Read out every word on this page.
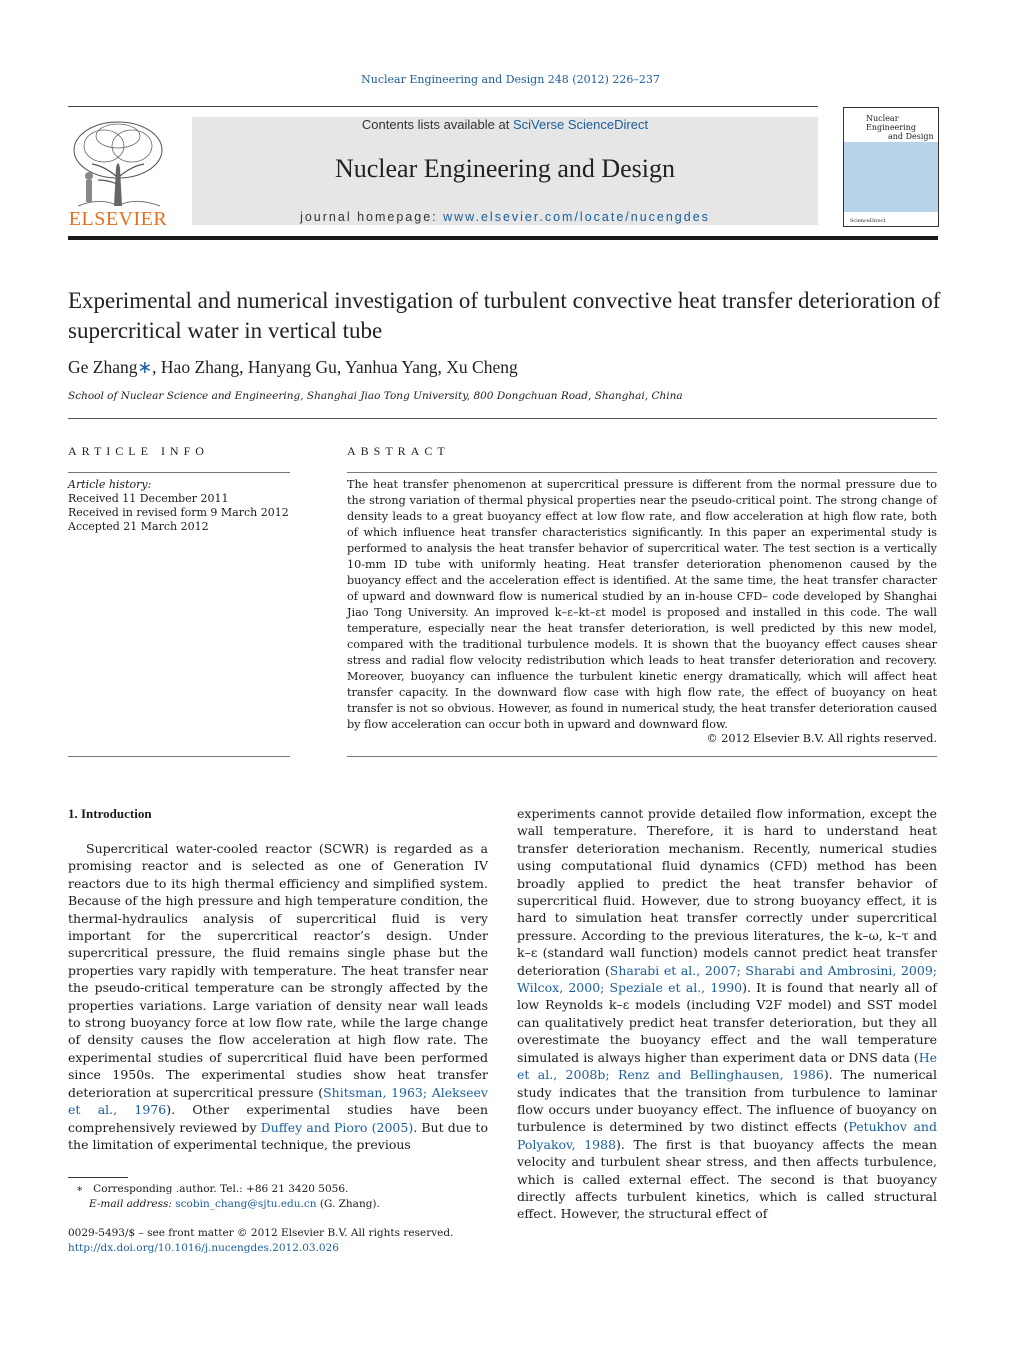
Nuclear Engineering and Design 248 (2012) 226–237
ELSEVIER
Contents lists available at SciVerse ScienceDirect
Nuclear Engineering and Design
journal homepage: www.elsevier.com/locate/nucengdes
Nuclear Engineering
and Design
ScienceDirect
Experimental and numerical investigation of turbulent convective heat transfer deterioration of supercritical water in vertical tube
Ge Zhang∗, Hao Zhang, Hanyang Gu, Yanhua Yang, Xu Cheng
School of Nuclear Science and Engineering, Shanghai Jiao Tong University, 800 Dongchuan Road, Shanghai, China
ARTICLE INFO
Article history:
Received 11 December 2011
Received in revised form 9 March 2012
Accepted 21 March 2012
ABSTRACT
The heat transfer phenomenon at supercritical pressure is different from the normal pressure due to the strong variation of thermal physical properties near the pseudo-critical point. The strong change of density leads to a great buoyancy effect at low flow rate, and flow acceleration at high flow rate, both of which influence heat transfer characteristics significantly. In this paper an experimental study is performed to analysis the heat transfer behavior of supercritical water. The test section is a vertically 10-mm ID tube with uniformly heating. Heat transfer deterioration phenomenon caused by the buoyancy effect and the acceleration effect is identified. At the same time, the heat transfer character of upward and downward flow is numerical studied by an in-house CFD– code developed by Shanghai Jiao Tong University. An improved k–ε–kt–εt model is proposed and installed in this code. The wall temperature, especially near the heat transfer deterioration, is well predicted by this new model, compared with the traditional turbulence models. It is shown that the buoyancy effect causes shear stress and radial flow velocity redistribution which leads to heat transfer deterioration and recovery. Moreover, buoyancy can influence the turbulent kinetic energy dramatically, which will affect heat transfer capacity. In the downward flow case with high flow rate, the effect of buoyancy on heat transfer is not so obvious. However, as found in numerical study, the heat transfer deterioration caused by flow acceleration can occur both in upward and downward flow.
© 2012 Elsevier B.V. All rights reserved.
1. Introduction

Supercritical water-cooled reactor (SCWR) is regarded as a promising reactor and is selected as one of Generation IV reactors due to its high thermal efficiency and simplified system. Because of the high pressure and high temperature condition, the thermal-hydraulics analysis of supercritical fluid is very important for the supercritical reactor’s design. Under supercritical pressure, the fluid remains single phase but the properties vary rapidly with temperature. The heat transfer near the pseudo-critical temperature can be strongly affected by the properties variations. Large variation of density near wall leads to strong buoyancy force at low flow rate, while the large change of density causes the flow acceleration at high flow rate. The experimental studies of supercritical fluid have been performed since 1950s. The experimental studies show heat transfer deterioration at supercritical pressure (Shitsman, 1963; Alekseev et al., 1976). Other experimental studies have been comprehensively reviewed by Duffey and Pioro (2005). But due to the limitation of experimental technique, the previous

experiments cannot provide detailed flow information, except the wall temperature. Therefore, it is hard to understand heat transfer deterioration mechanism. Recently, numerical studies using computational fluid dynamics (CFD) method has been broadly applied to predict the heat transfer behavior of supercritical fluid. However, due to strong buoyancy effect, it is hard to simulation heat transfer correctly under supercritical pressure. According to the previous literatures, the k–ω, k–τ and k–ε (standard wall function) models cannot predict heat transfer deterioration (Sharabi et al., 2007; Sharabi and Ambrosini, 2009; Wilcox, 2000; Speziale et al., 1990). It is found that nearly all of low Reynolds k–ε models (including V2F model) and SST model can qualitatively predict heat transfer deterioration, but they all overestimate the buoyancy effect and the wall temperature simulated is always higher than experiment data or DNS data (He et al., 2008b; Renz and Bellinghausen, 1986). The numerical study indicates that the transition from turbulence to laminar flow occurs under buoyancy effect. The influence of buoyancy on turbulence is determined by two distinct effects (Petukhov and Polyakov, 1988). The first is that buoyancy affects the mean velocity and turbulent shear stress, and then affects turbulence, which is called external effect. The second is that buoyancy directly affects turbulent kinetics, which is called structural effect. However, the structural effect of

∗ Corresponding .author. Tel.: +86 21 3420 5056.
E-mail address: scobin_chang@sjtu.edu.cn (G. Zhang).
0029-5493/$ – see front matter © 2012 Elsevier B.V. All rights reserved.
http://dx.doi.org/10.1016/j.nucengdes.2012.03.026
